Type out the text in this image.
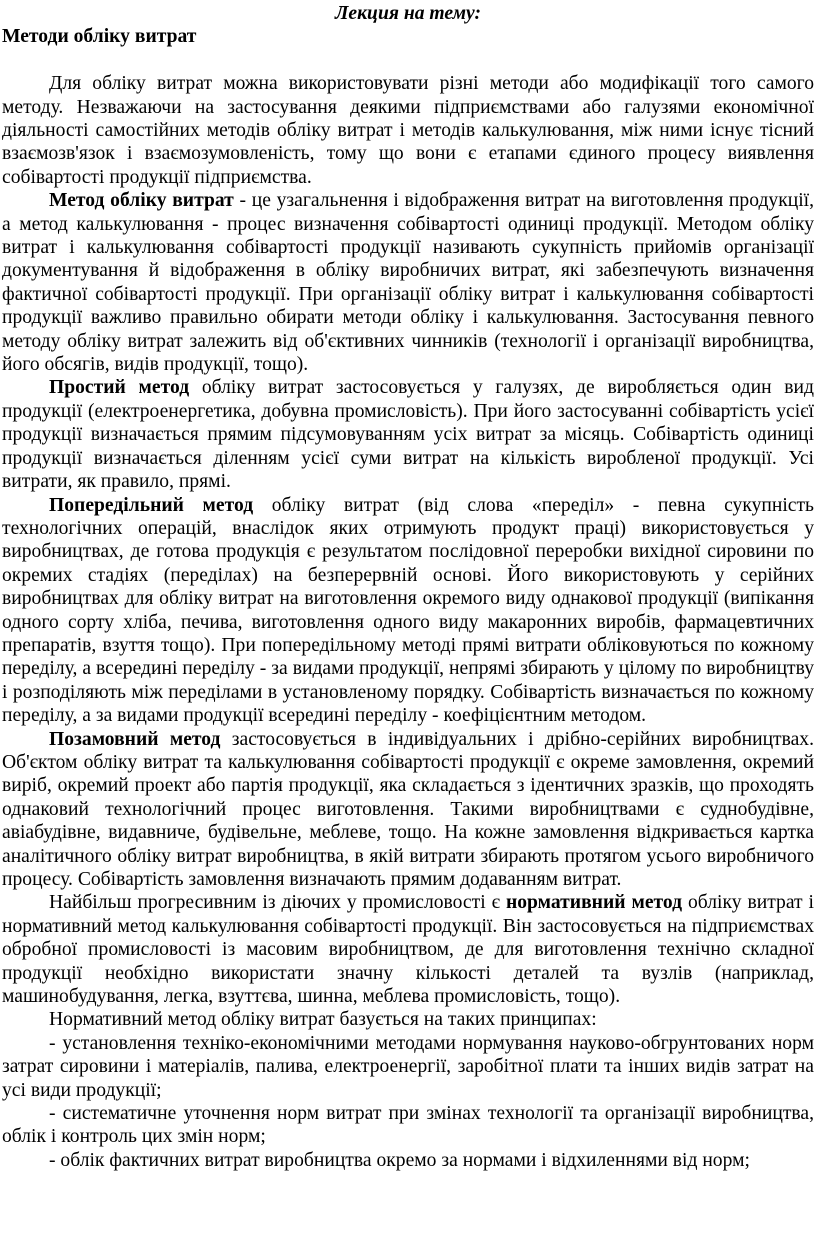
Лекция на тему:
Методи обліку витрат

Для обліку витрат можна використовувати різні методи або модифікації того самого методу. Незважаючи на застосування деякими підприємствами або галузями економічної діяльності самостійних методів обліку витрат і методів калькулювання, між ними існує тісний взаємозв'язок і взаємозумовленість, тому що вони є етапами єдиного процесу виявлення собівартості продукції підприємства.

Метод обліку витрат - це узагальнення і відображення витрат на виготовлення продукції, а метод калькулювання - процес визначення собівартості одиниці продукції. Методом обліку витрат і калькулювання собівартості продукції називають сукупність прийомів організації документування й відображення в обліку виробничих витрат, які забезпечують визначення фактичної собівартості продукції. При організації обліку витрат і калькулювання собівартості продукції важливо правильно обирати методи обліку і калькулювання. Застосування певного методу обліку витрат залежить від об'єктивних чинників (технології і організації виробництва, його обсягів, видів продукції, тощо).

Простий метод обліку витрат застосовується у галузях, де виробляється один вид продукції (електроенергетика, добувна промисловість). При його застосуванні собівартість усієї продукції визначається прямим підсумовуванням усіх витрат за місяць. Собівартість одиниці продукції визначається діленням усієї суми витрат на кількість виробленої продукції. Усі витрати, як правило, прямі.

Попередільний метод обліку витрат (від слова «переділ» - певна сукупність технологічних операцій, внаслідок яких отримують продукт праці) використовується у виробництвах, де готова продукція є результатом послідовної переробки вихідної сировини по окремих стадіях (переділах) на безперервній основі. Його використовують у серійних виробництвах для обліку витрат на виготовлення окремого виду однакової продукції (випікання одного сорту хліба, печива, виготовлення одного виду макаронних виробів, фармацевтичних препаратів, взуття тощо). При попередільному методі прямі витрати обліковуються по кожному переділу, а всередині переділу - за видами продукції, непрямі збирають у цілому по виробництву і розподіляють між переділами в установленому порядку. Собівартість визначається по кожному переділу, а за видами продукції всередині переділу - коефіцієнтним методом.

Позамовний метод застосовується в індивідуальних і дрібно-серійних виробництвах. Об'єктом обліку витрат та калькулювання собівартості продукції є окреме замовлення, окремий виріб, окремий проект або партія продукції, яка складається з ідентичних зразків, що проходять однаковий технологічний процес виготовлення. Такими виробництвами є суднобудівне, авіабудівне, видавниче, будівельне, меблеве, тощо. На кожне замовлення відкривається картка аналітичного обліку витрат виробництва, в якій витрати збирають протягом усього виробничого процесу. Собівартість замовлення визначають прямим додаванням витрат.

Найбільш прогресивним із діючих у промисловості є нормативний метод обліку витрат і нормативний метод калькулювання собівартості продукції. Він застосовується на підприємствах обробної промисловості із масовим виробництвом, де для виготовлення технічно складної продукції необхідно використати значну кількості деталей та вузлів (наприклад, машинобудування, легка, взуттєва, шинна, меблева промисловість, тощо).

Нормативний метод обліку витрат базується на таких принципах:

- установлення техніко-економічними методами нормування науково-обгрунтованих норм затрат сировини і матеріалів, палива, електроенергії, заробітної плати та інших видів затрат на усі види продукції;

- систематичне уточнення норм витрат при змінах технології та організації виробництва, облік і контроль цих змін норм;

- облік фактичних витрат виробництва окремо за нормами і відхиленнями від норм;
